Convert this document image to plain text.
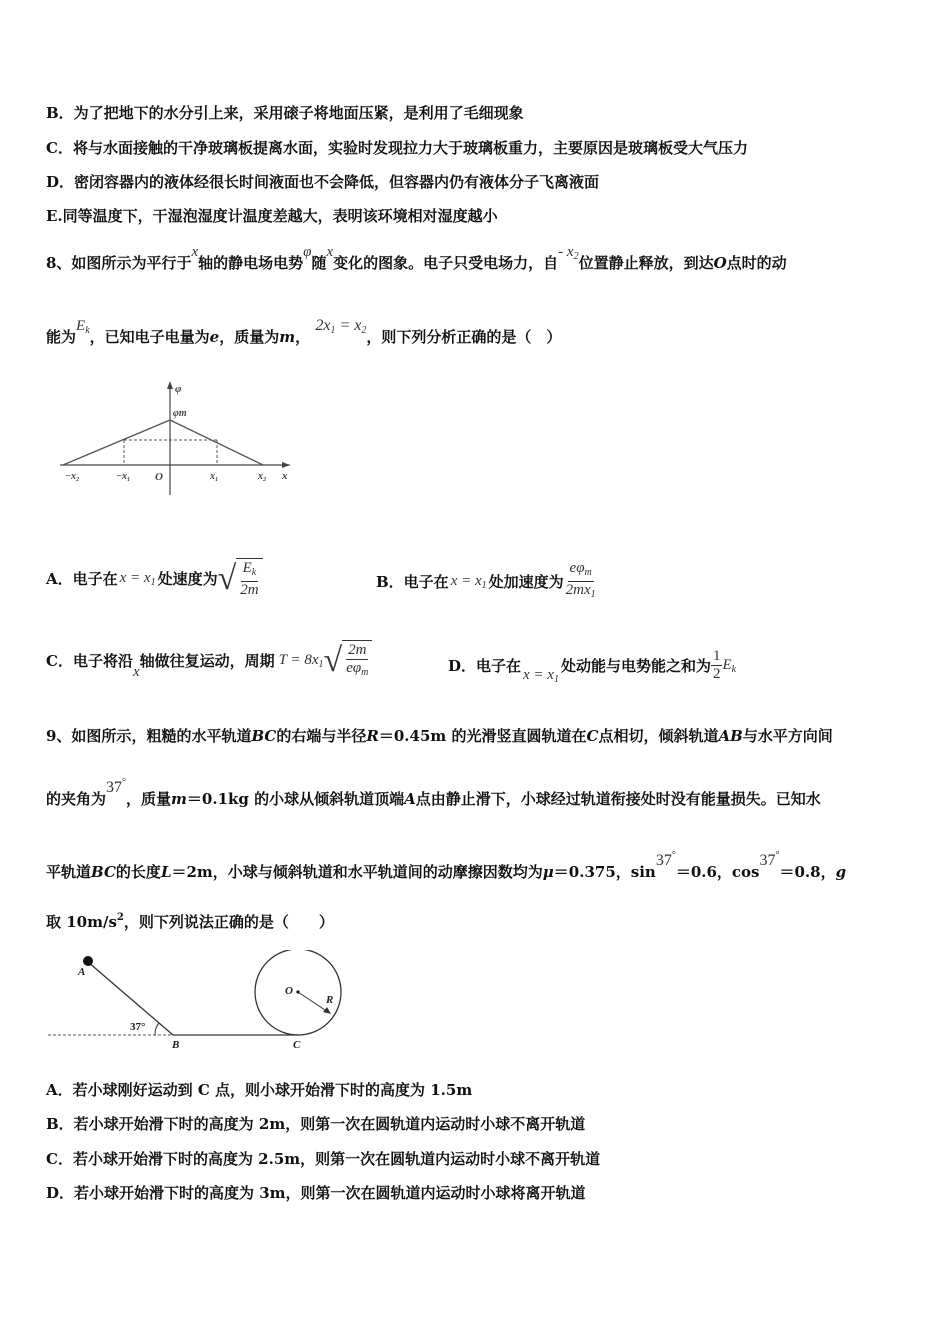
B．为了把地下的水分引上来，采用磙子将地面压紧，是利用了毛细现象
C．将与水面接触的干净玻璃板提离水面，实验时发现拉力大于玻璃板重力，主要原因是玻璃板受大气压力
D．密闭容器内的液体经很长时间液面也不会降低，但容器内仍有液体分子飞离液面
E.同等温度下，干湿泡湿度计温度差越大，表明该环境相对湿度越小
8、如图所示为平行于x轴的静电场电势φ随x变化的图象。电子只受电场力，自- $x_2$位置静止释放，到达O点时的动
能为$E_k$，已知电子电量为e，质量为m， $2x_1 = x_2$，则下列分析正确的是（　）
φ
φm
−x₂	−x₁ O	x₁	x₂ x
A．电子在 $x = x_1$ 处速度为 √ $\frac{E_k}{2m}$	B．电子在 $x = x_1$ 处加速度为 $\frac{e\varphi_m}{2mx_1}$
C．电子将沿
x
轴做往复运动，周期 $T = 8x_1$ √ $\frac{2m}{e\varphi_m}$	D．电子在 $x = x_1$
处动能与电势能之和为 $\frac{1}{2} E_k$
9、如图所示，粗糙的水平轨道BC的右端与半径R＝0.45m 的光滑竖直圆轨道在C点相切，倾斜轨道AB与水平方向间
的夹角为37°，质量m＝0.1kg 的小球从倾斜轨道顶端A点由静止滑下，小球经过轨道衔接处时没有能量损失。已知水
平轨道BC的长度L＝2m，小球与倾斜轨道和水平轨道间的动摩擦因数均为μ＝0.375，sin37°＝0.6，cos37°＝0.8，g
取 $10m/s^2$，则下列说法正确的是（　　）
A
B	C
O
R
37°
A．若小球刚好运动到 C 点，则小球开始滑下时的高度为 1.5m
B．若小球开始滑下时的高度为 2m，则第一次在圆轨道内运动时小球不离开轨道
C．若小球开始滑下时的高度为 2.5m，则第一次在圆轨道内运动时小球不离开轨道
D．若小球开始滑下时的高度为 3m，则第一次在圆轨道内运动时小球将离开轨道
